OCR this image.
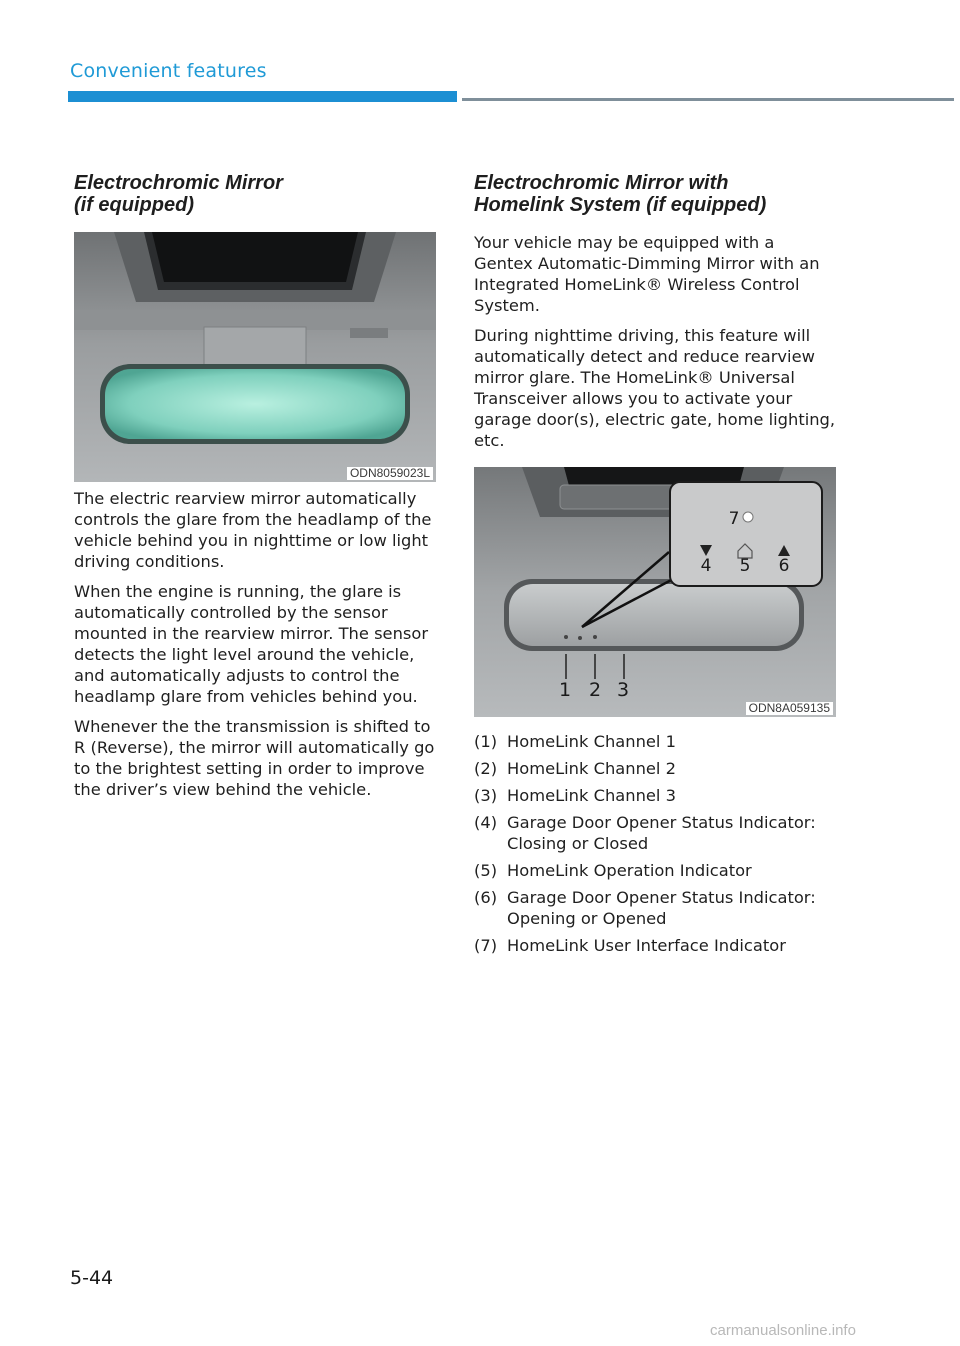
Convenient features
Electrochromic Mirror
(if equipped)
ODN8059023L

The electric rearview mirror automatically controls the glare from the headlamp of the vehicle behind you in nighttime or low light driving conditions.

When the engine is running, the glare is automatically controlled by the sensor mounted in the rearview mirror. The sensor detects the light level around the vehicle, and automatically adjusts to control the headlamp glare from vehicles behind you.

Whenever the the transmission is shifted to R (Reverse), the mirror will automatically go to the brightest setting in order to improve the driver’s view behind the vehicle.

Electrochromic Mirror with
Homelink System (if equipped)

Your vehicle may be equipped with a Gentex Automatic-Dimming Mirror with an Integrated HomeLink® Wireless Control System.

During nighttime driving, this feature will automatically detect and reduce rearview mirror glare. The HomeLink® Universal Transceiver allows you to activate your garage door(s), electric gate, home lighting, etc.

1 2 3
7
4 5 6
ODN8A059135
(1) HomeLink Channel 1
(2) HomeLink Channel 2
(3) HomeLink Channel 3
(4) Garage Door Opener Status Indicator: Closing or Closed
(5) HomeLink Operation Indicator
(6) Garage Door Opener Status Indicator: Opening or Opened
(7) HomeLink User Interface Indicator
5-44
carmanualsonline.info
